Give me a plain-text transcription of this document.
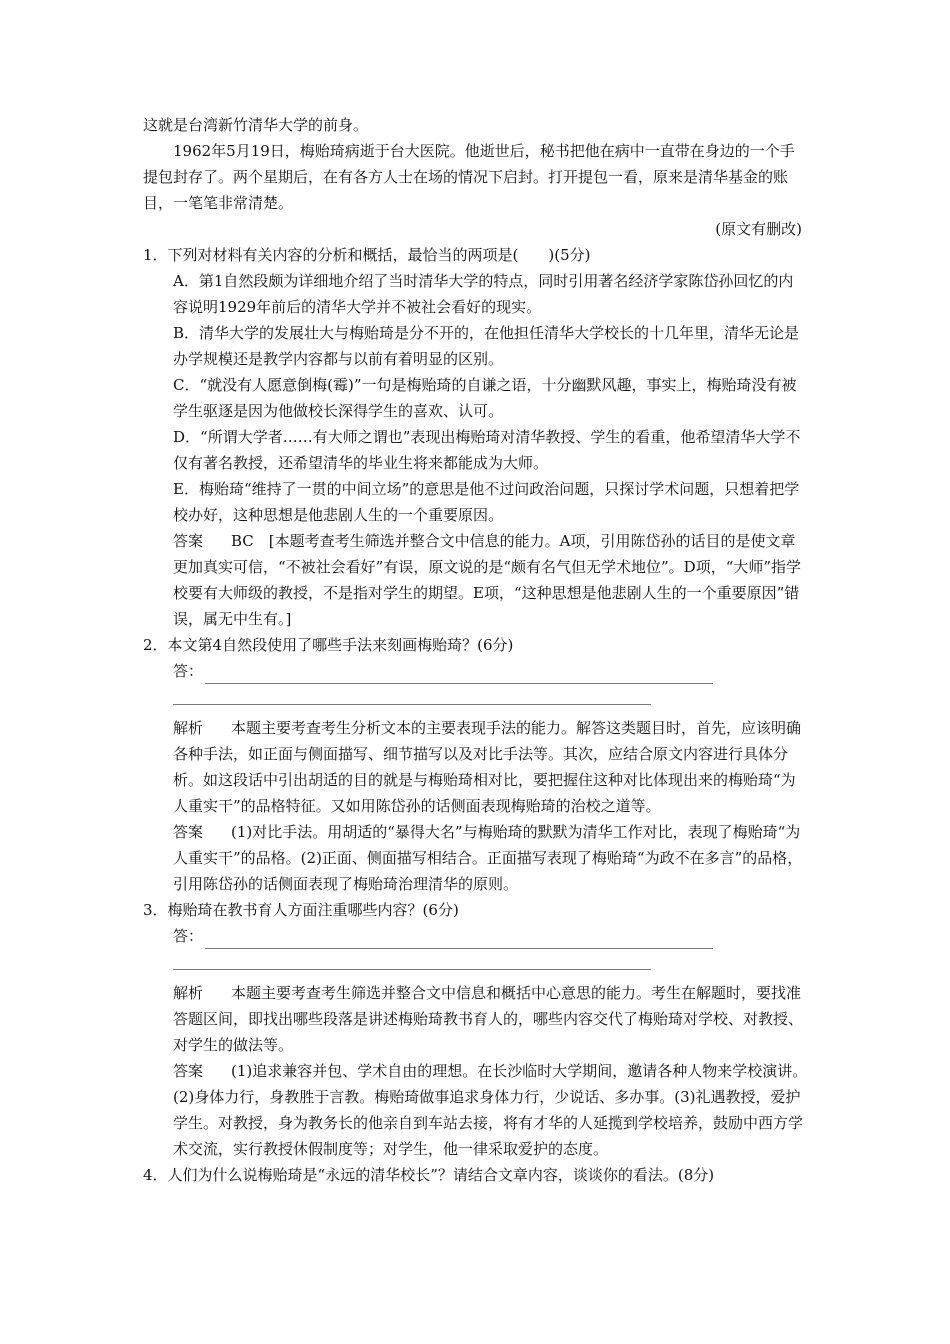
这就是台湾新竹清华大学的前身。

1962年5月19日，梅贻琦病逝于台大医院。他逝世后，秘书把他在病中一直带在身边的一个手提包封存了。两个星期后，在有各方人士在场的情况下启封。打开提包一看，原来是清华基金的账目，一笔笔非常清楚。

(原文有删改)

1．下列对材料有关内容的分析和概括，最恰当的两项是(　　)(5分)

A．第1自然段颇为详细地介绍了当时清华大学的特点，同时引用著名经济学家陈岱孙回忆的内容说明1929年前后的清华大学并不被社会看好的现实。

B．清华大学的发展壮大与梅贻琦是分不开的，在他担任清华大学校长的十几年里，清华无论是办学规模还是教学内容都与以前有着明显的区别。

C．“就没有人愿意倒梅(霉)”一句是梅贻琦的自谦之语，十分幽默风趣，事实上，梅贻琦没有被学生驱逐是因为他做校长深得学生的喜欢、认可。

D．“所谓大学者……有大师之谓也”表现出梅贻琦对清华教授、学生的看重，他希望清华大学不仅有著名教授，还希望清华的毕业生将来都能成为大师。

E．梅贻琦“维持了一贯的中间立场”的意思是他不过问政治问题，只探讨学术问题，只想着把学校办好，这种思想是他悲剧人生的一个重要原因。

答案 BC　[本题考查考生筛选并整合文中信息的能力。A项，引用陈岱孙的话目的是使文章更加真实可信，“不被社会看好”有误，原文说的是“颇有名气但无学术地位”。D项，“大师”指学校要有大师级的教授，不是指对学生的期望。E项，“这种思想是他悲剧人生的一个重要原因”错误，属无中生有。]

2．本文第4自然段使用了哪些手法来刻画梅贻琦？(6分)

答：

解析 本题主要考查考生分析文本的主要表现手法的能力。解答这类题目时，首先，应该明确各种手法，如正面与侧面描写、细节描写以及对比手法等。其次，应结合原文内容进行具体分析。如这段话中引出胡适的目的就是与梅贻琦相对比，要把握住这种对比体现出来的梅贻琦“为人重实干”的品格特征。又如用陈岱孙的话侧面表现梅贻琦的治校之道等。

答案 (1)对比手法。用胡适的“暴得大名”与梅贻琦的默默为清华工作对比，表现了梅贻琦“为人重实干”的品格。(2)正面、侧面描写相结合。正面描写表现了梅贻琦“为政不在多言”的品格，引用陈岱孙的话侧面表现了梅贻琦治理清华的原则。

3．梅贻琦在教书育人方面注重哪些内容？(6分)

答：

解析 本题主要考查考生筛选并整合文中信息和概括中心意思的能力。考生在解题时，要找准答题区间，即找出哪些段落是讲述梅贻琦教书育人的，哪些内容交代了梅贻琦对学校、对教授、对学生的做法等。

答案 (1)追求兼容并包、学术自由的理想。在长沙临时大学期间，邀请各种人物来学校演讲。(2)身体力行，身教胜于言教。梅贻琦做事追求身体力行，少说话、多办事。(3)礼遇教授，爱护学生。对教授，身为教务长的他亲自到车站去接，将有才华的人延揽到学校培养，鼓励中西方学术交流，实行教授休假制度等；对学生，他一律采取爱护的态度。

4．人们为什么说梅贻琦是“永远的清华校长”？请结合文章内容，谈谈你的看法。(8分)
